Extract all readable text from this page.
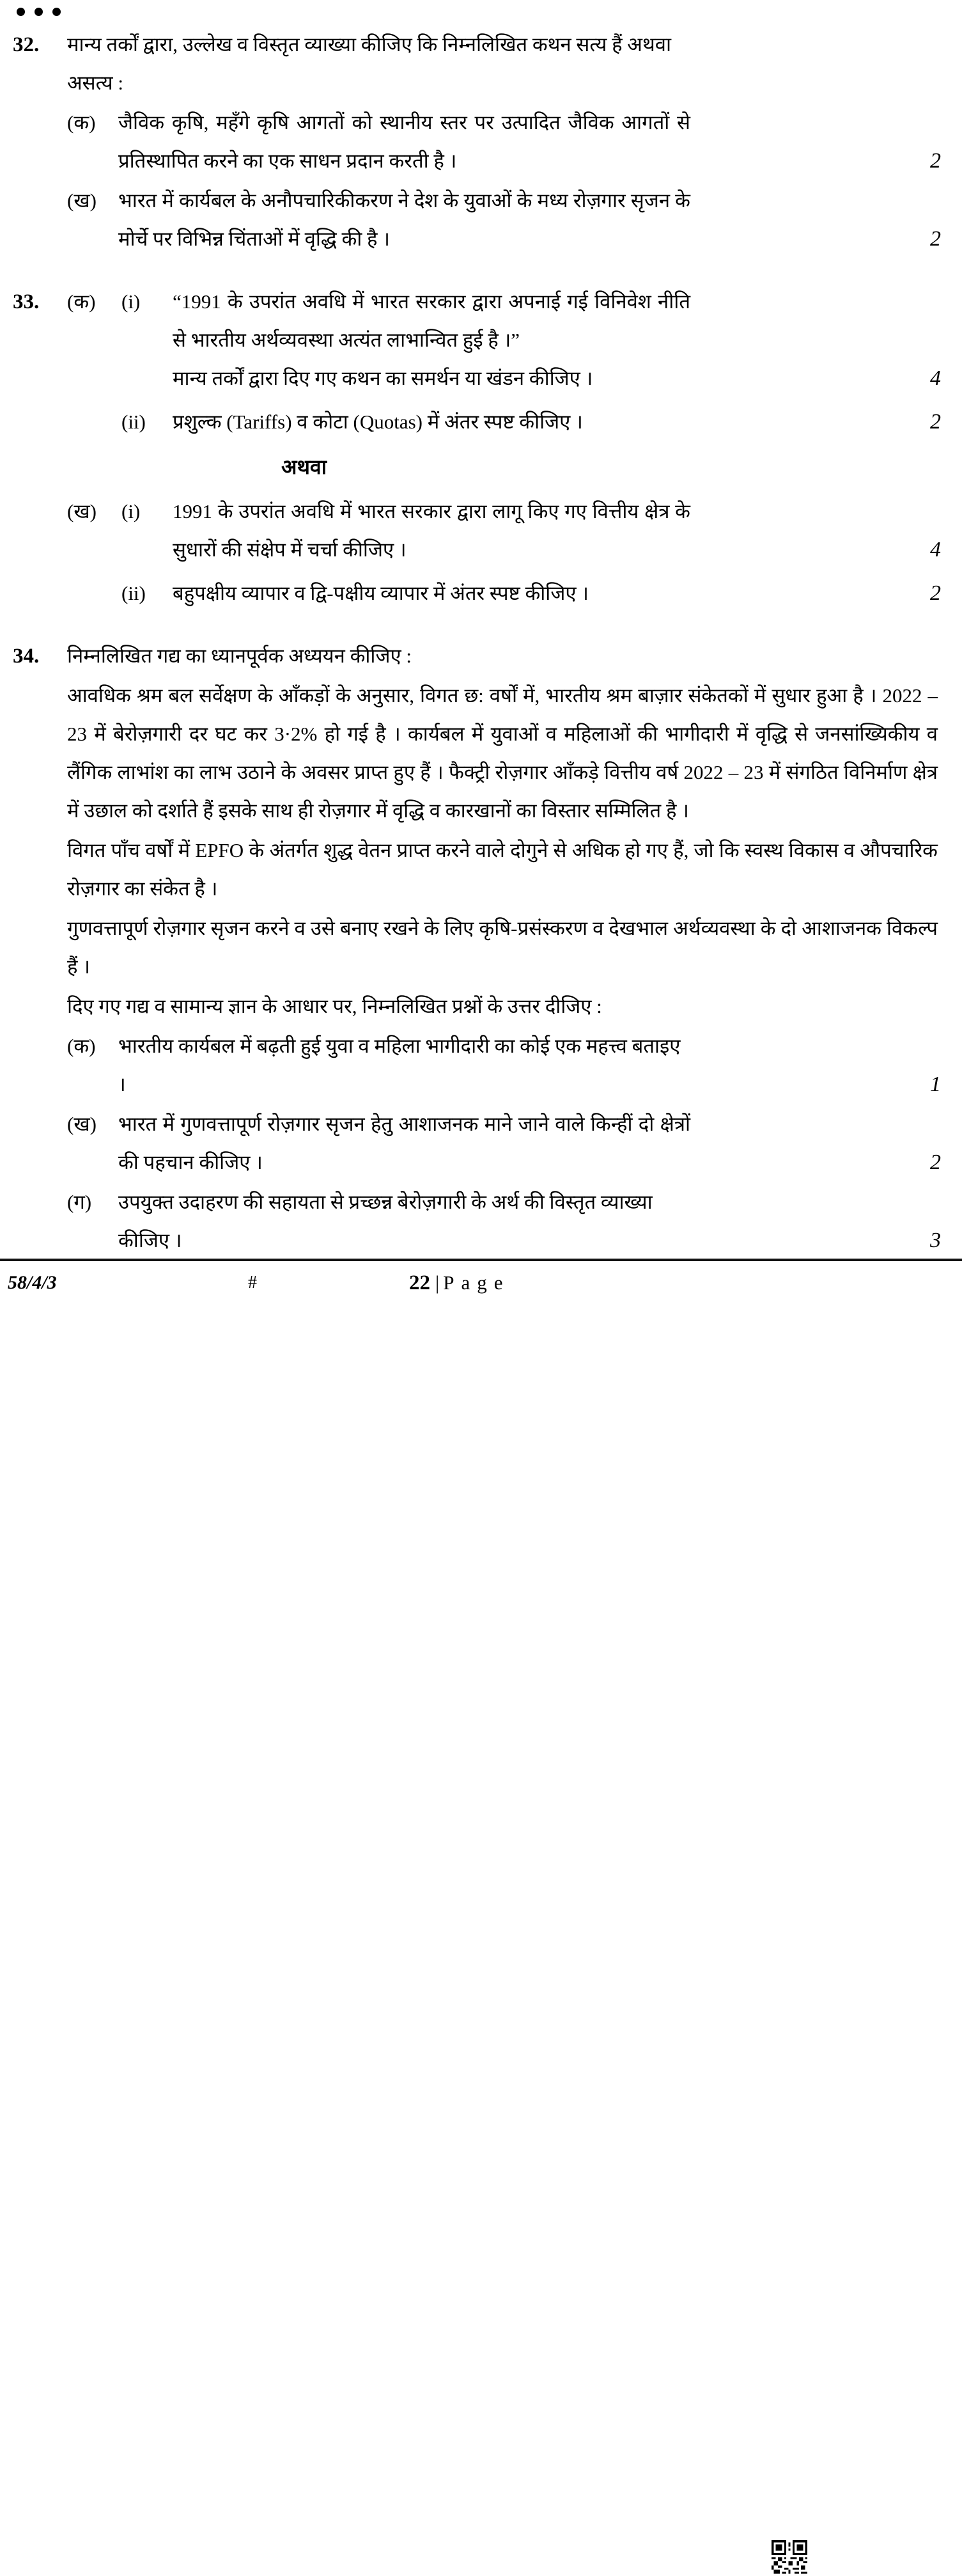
32.	मान्य तर्कों द्वारा, उल्लेख व विस्तृत व्याख्या कीजिए कि निम्नलिखित कथन सत्य हैं अथवा असत्य :
(क)	जैविक कृषि, महँगे कृषि आगतों को स्थानीय स्तर पर उत्पादित जैविक आगतों से प्रतिस्थापित करने का एक साधन प्रदान करती है ।	2
(ख)	भारत में कार्यबल के अनौपचारिकीकरण ने देश के युवाओं के मध्य रोज़गार सृजन के मोर्चे पर विभिन्न चिंताओं में वृद्धि की है ।	2
33.	(क)	(i)	“1991 के उपरांत अवधि में भारत सरकार द्वारा अपनाई गई विनिवेश नीति से भारतीय अर्थव्यवस्था अत्यंत लाभान्वित हुई है ।”
मान्य तर्कों द्वारा दिए गए कथन का समर्थन या खंडन कीजिए ।	4
(ii)	प्रशुल्क (Tariffs) व कोटा (Quotas) में अंतर स्पष्ट कीजिए ।	2
अथवा
(ख)	(i)	1991 के उपरांत अवधि में भारत सरकार द्वारा लागू किए गए वित्तीय क्षेत्र के सुधारों की संक्षेप में चर्चा कीजिए ।	4
(ii)	बहुपक्षीय व्यापार व द्वि-पक्षीय व्यापार में अंतर स्पष्ट कीजिए ।	2
34.	निम्नलिखित गद्य का ध्यानपूर्वक अध्ययन कीजिए :

आवधिक श्रम बल सर्वेक्षण के आँकड़ों के अनुसार, विगत छ: वर्षों में, भारतीय श्रम बाज़ार संकेतकों में सुधार हुआ है । 2022 – 23 में बेरोज़गारी दर घट कर 3·2% हो गई है । कार्यबल में युवाओं व महिलाओं की भागीदारी में वृद्धि से जनसांख्यिकीय व लैंगिक लाभांश का लाभ उठाने के अवसर प्राप्त हुए हैं । फैक्ट्री रोज़गार आँकड़े वित्तीय वर्ष 2022 – 23 में संगठित विनिर्माण क्षेत्र में उछाल को दर्शाते हैं इसके साथ ही रोज़गार में वृद्धि व कारखानों का विस्तार सम्मिलित है ।

विगत पाँच वर्षों में EPFO के अंतर्गत शुद्ध वेतन प्राप्त करने वाले दोगुने से अधिक हो गए हैं, जो कि स्वस्थ विकास व औपचारिक रोज़गार का संकेत है ।

गुणवत्तापूर्ण रोज़गार सृजन करने व उसे बनाए रखने के लिए कृषि-प्रसंस्करण व देखभाल अर्थव्यवस्था के दो आशाजनक विकल्प हैं ।

दिए गए गद्य व सामान्य ज्ञान के आधार पर, निम्नलिखित प्रश्नों के उत्तर दीजिए :

(क)	भारतीय कार्यबल में बढ़ती हुई युवा व महिला भागीदारी का कोई एक महत्त्व बताइए ।	1
(ख)	भारत में गुणवत्तापूर्ण रोज़गार सृजन हेतु आशाजनक माने जाने वाले किन्हीं दो क्षेत्रों की पहचान कीजिए ।	2
(ग)	उपयुक्त उदाहरण की सहायता से प्रच्छन्न बेरोज़गारी के अर्थ की विस्तृत व्याख्या कीजिए ।	3
58/4/3	#	22 | Page
